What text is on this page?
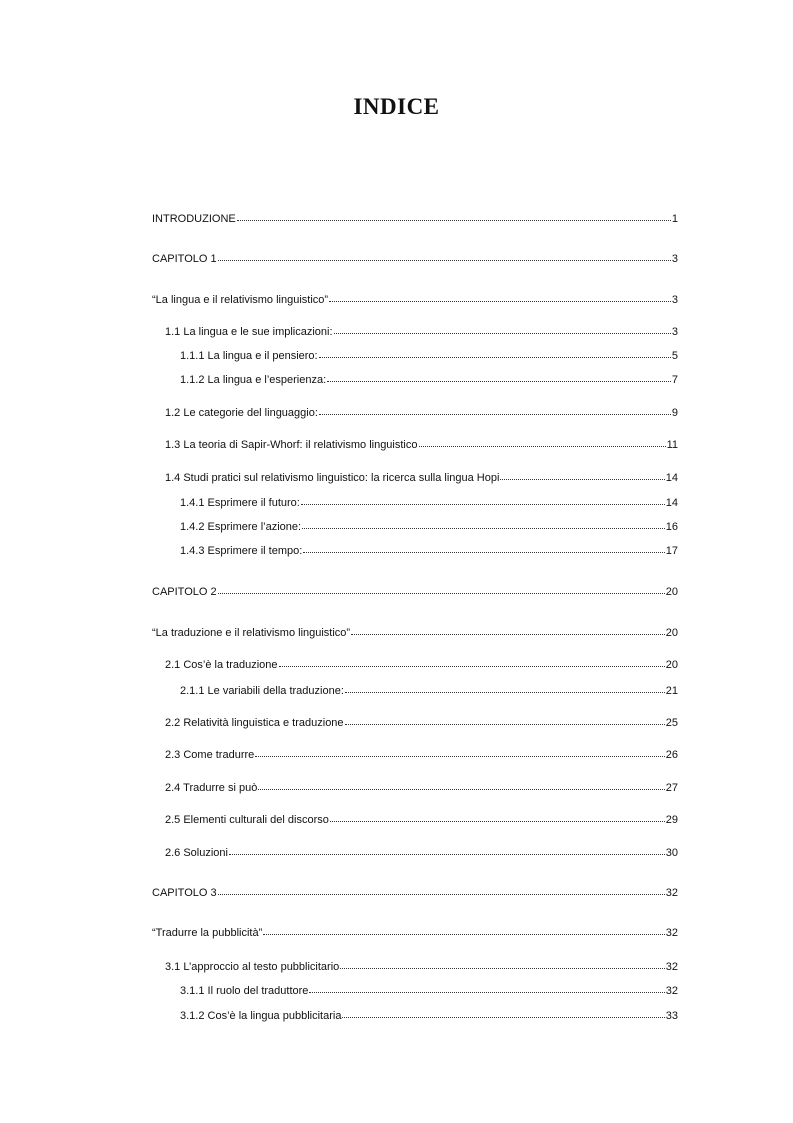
INDICE
INTRODUZIONE	1
CAPITOLO 1	3
“La lingua e il relativismo linguistico”	3
1.1 La lingua e le sue implicazioni:	3
1.1.1 La lingua e il pensiero:	5
1.1.2 La lingua e l’esperienza:	7
1.2 Le categorie del linguaggio:	9
1.3 La teoria di Sapir-Whorf: il relativismo linguistico	11
1.4 Studi pratici sul relativismo linguistico: la ricerca sulla lingua Hopi	14
1.4.1 Esprimere il futuro:	14
1.4.2 Esprimere l’azione:	16
1.4.3 Esprimere il tempo:	17
CAPITOLO 2	20
“La traduzione e il relativismo linguistico”	20
2.1 Cos’è la traduzione	20
2.1.1 Le variabili della traduzione:	21
2.2 Relatività linguistica e traduzione	25
2.3 Come tradurre	26
2.4 Tradurre si può	27
2.5 Elementi culturali del discorso	29
2.6 Soluzioni	30
CAPITOLO 3	32
“Tradurre la pubblicità”	32
3.1 L’approccio al testo pubblicitario	32
3.1.1 Il ruolo del traduttore	32
3.1.2 Cos’è la lingua pubblicitaria	33
